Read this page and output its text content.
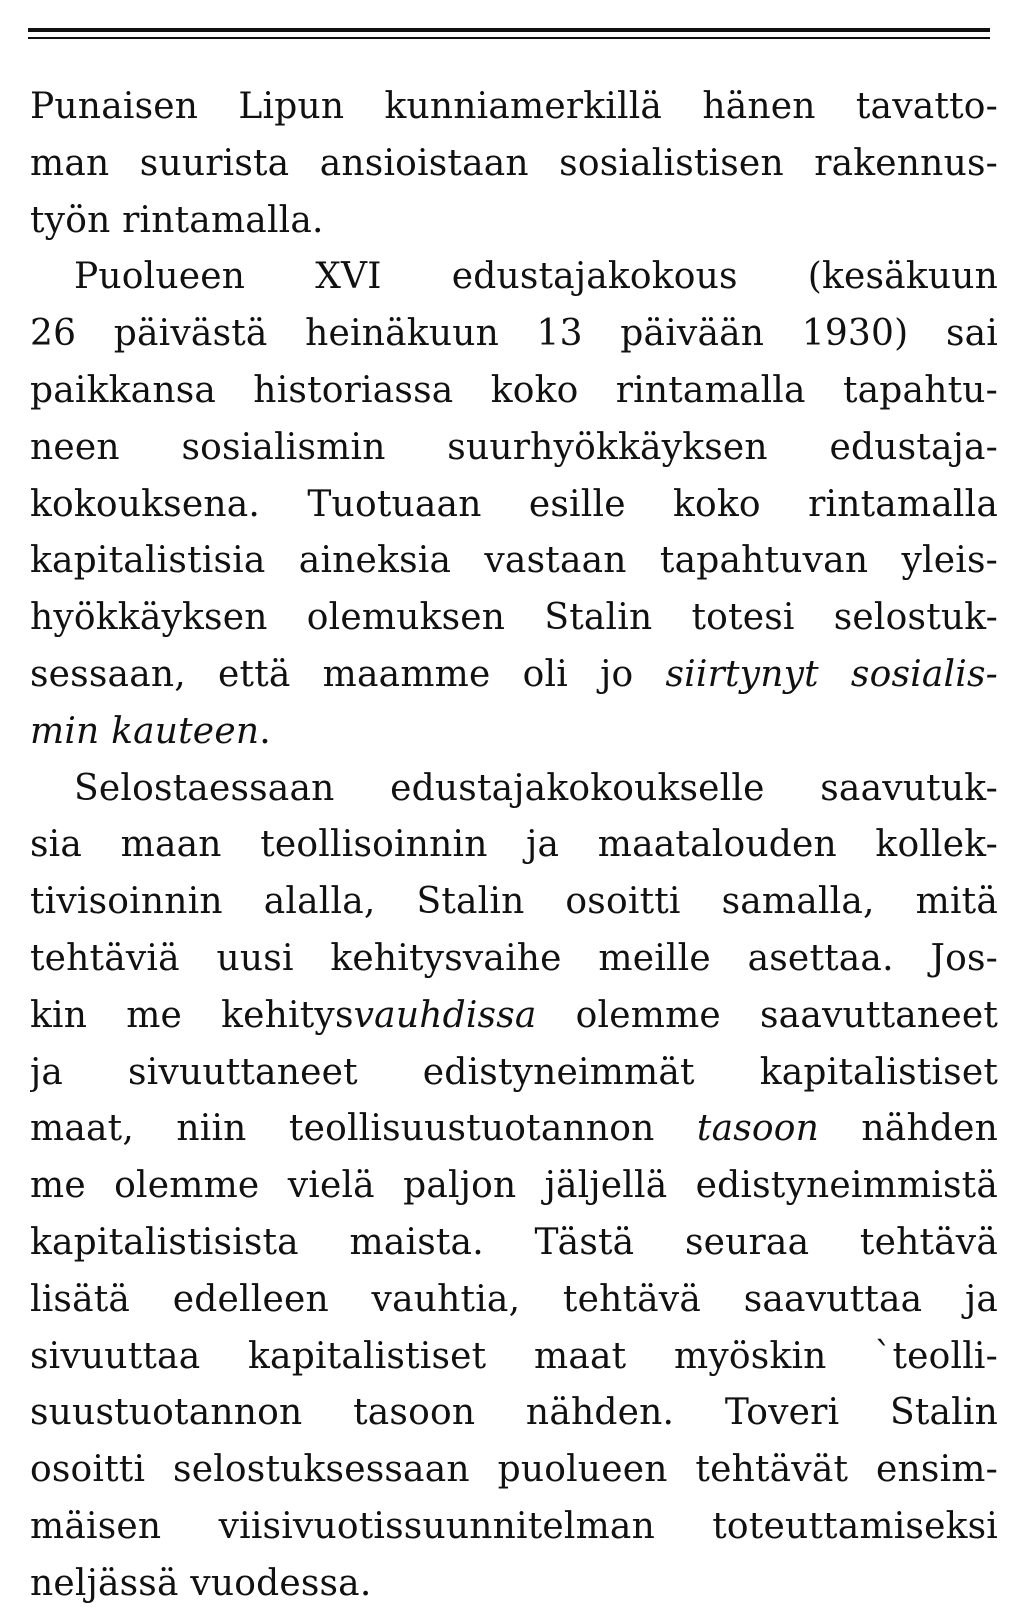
Punaisen Lipun kunniamerkillä hänen tavatto-
man suurista ansioistaan sosialistisen rakennus-
työn rintamalla.
Puolueen XVI edustajakokous (kesäkuun
26 päivästä heinäkuun 13 päivään 1930) sai
paikkansa historiassa koko rintamalla tapahtu-
neen sosialismin suurhyökkäyksen edustaja-
kokouksena. Tuotuaan esille koko rintamalla
kapitalistisia aineksia vastaan tapahtuvan yleis-
hyökkäyksen olemuksen Stalin totesi selostuk-
sessaan, että maamme oli jo siirtynyt sosialis-
min kauteen.
Selostaessaan edustajakokoukselle saavutuk-
sia maan teollisoinnin ja maatalouden kollek-
tivisoinnin alalla, Stalin osoitti samalla, mitä
tehtäviä uusi kehitysvaihe meille asettaa. Jos-
kin me kehitysvauhdissa olemme saavuttaneet
ja sivuuttaneet edistyneimmät kapitalistiset
maat, niin teollisuustuotannon tasoon nähden
me olemme vielä paljon jäljellä edistyneimmistä
kapitalistisista maista. Tästä seuraa tehtävä
lisätä edelleen vauhtia, tehtävä saavuttaa ja
sivuuttaa kapitalistiset maat myöskin `teolli-
suustuotannon tasoon nähden. Toveri Stalin
osoitti selostuksessaan puolueen tehtävät ensim-
mäisen viisivuotissuunnitelman toteuttamiseksi
neljässä vuodessa.
